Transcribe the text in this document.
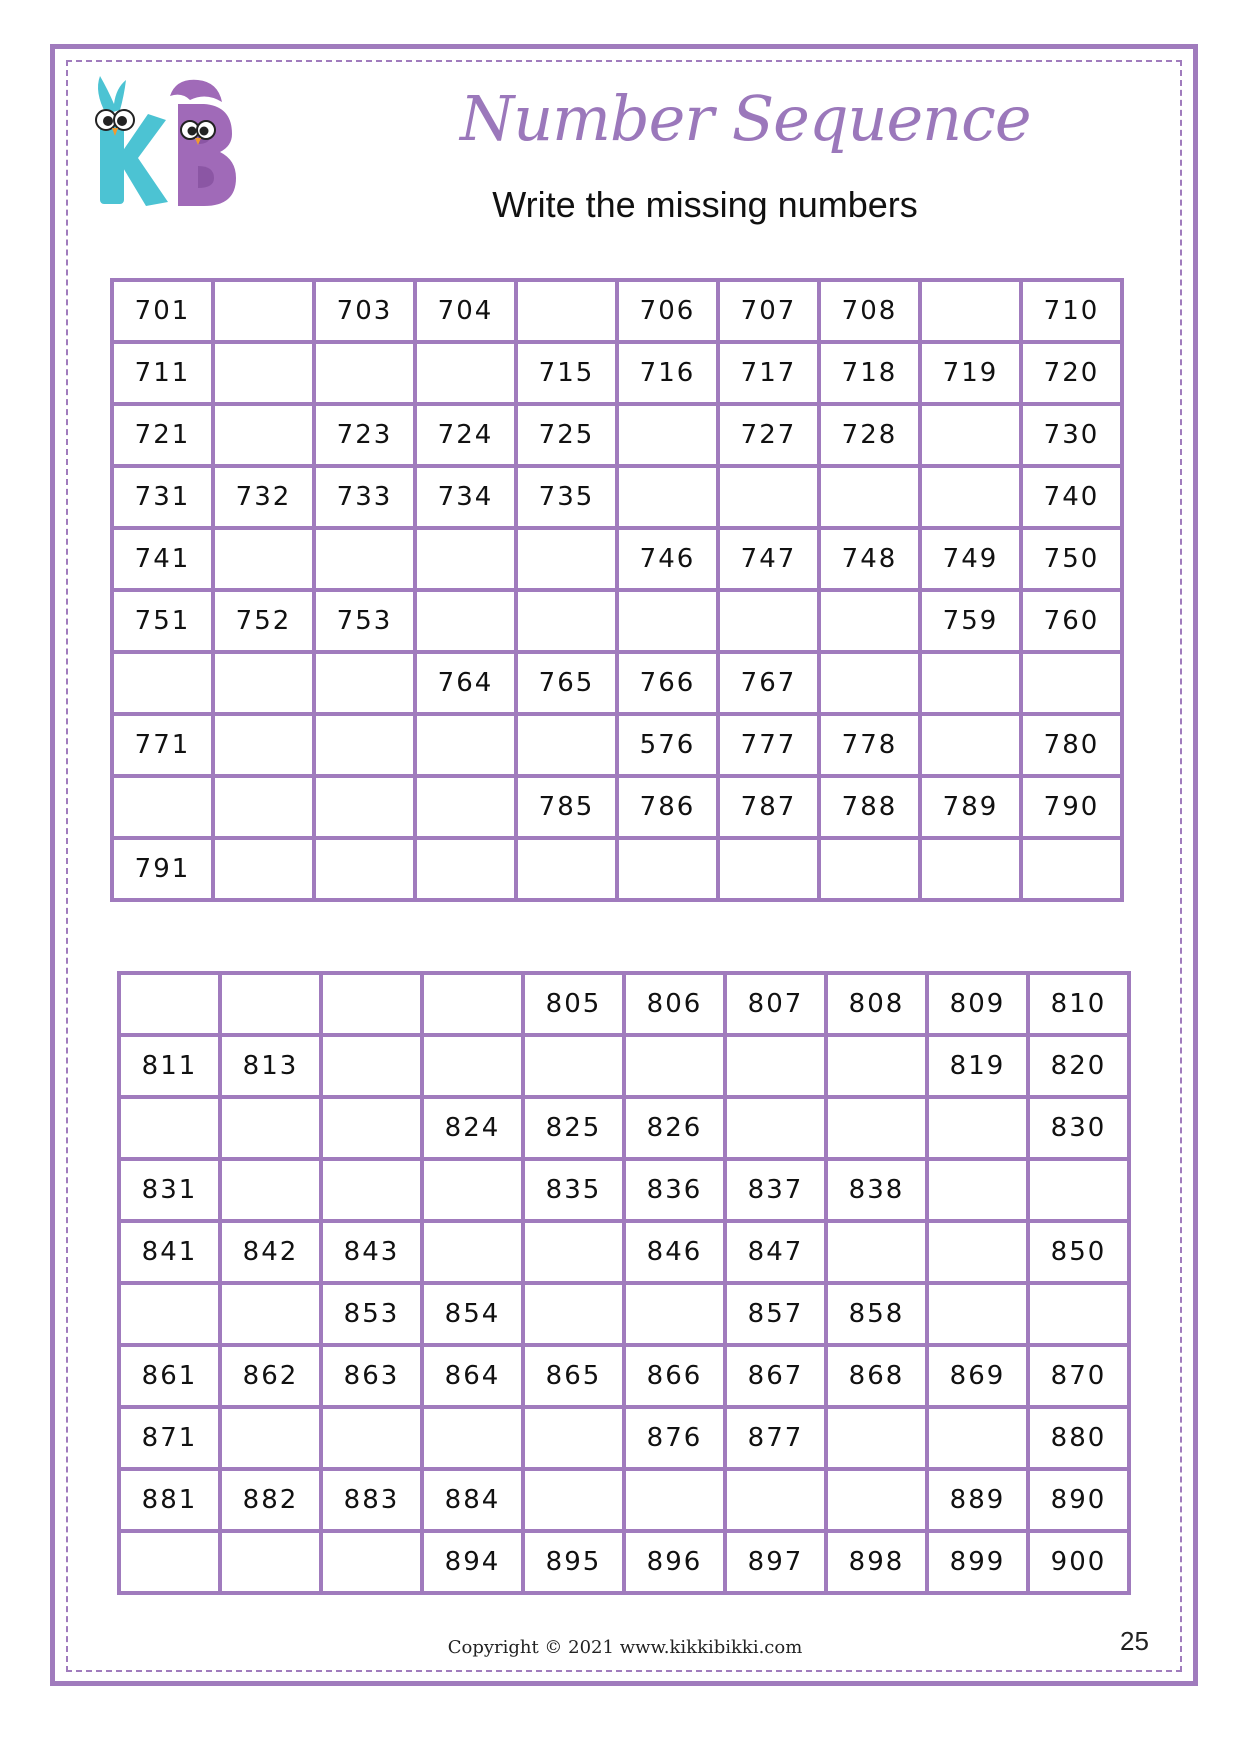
Number Sequence
Write the missing numbers
701		703	704		706	707	708		710
711				715	716	717	718	719	720
721		723	724	725		727	728		730
731	732	733	734	735					740
741					746	747	748	749	750
751	752	753						759	760
			764	765	766	767			
771					576	777	778		780
				785	786	787	788	789	790
791									
				805	806	807	808	809	810
811	813							819	820
			824	825	826				830
831				835	836	837	838		
841	842	843			846	847			850
		853	854			857	858		
861	862	863	864	865	866	867	868	869	870
871					876	877			880
881	882	883	884					889	890
			894	895	896	897	898	899	900
Copyright © 2021 www.kikkibikki.com	25
